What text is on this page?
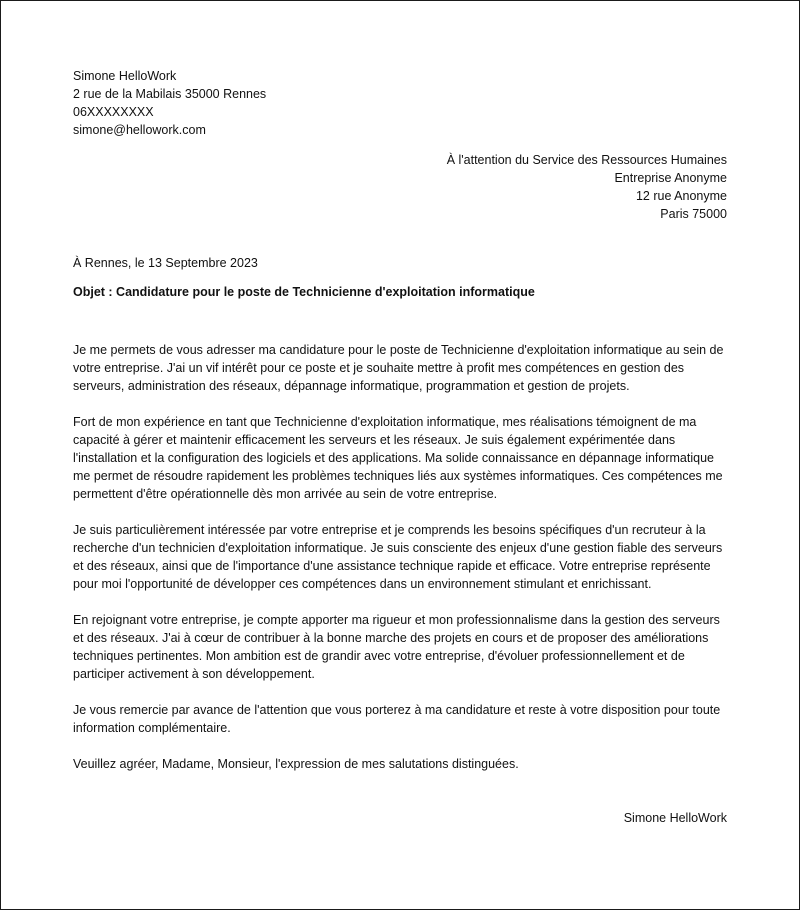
Simone HelloWork
2 rue de la Mabilais 35000 Rennes
06XXXXXXXX
simone@hellowork.com
À l'attention du Service des Ressources Humaines
Entreprise Anonyme
12 rue Anonyme
Paris 75000
À Rennes, le 13 Septembre 2023
Objet : Candidature pour le poste de Technicienne d'exploitation informatique

Je me permets de vous adresser ma candidature pour le poste de Technicienne d'exploitation informatique au sein de votre entreprise. J'ai un vif intérêt pour ce poste et je souhaite mettre à profit mes compétences en gestion des serveurs, administration des réseaux, dépannage informatique, programmation et gestion de projets.

Fort de mon expérience en tant que Technicienne d'exploitation informatique, mes réalisations témoignent de ma capacité à gérer et maintenir efficacement les serveurs et les réseaux. Je suis également expérimentée dans l'installation et la configuration des logiciels et des applications. Ma solide connaissance en dépannage informatique me permet de résoudre rapidement les problèmes techniques liés aux systèmes informatiques. Ces compétences me permettent d'être opérationnelle dès mon arrivée au sein de votre entreprise.

Je suis particulièrement intéressée par votre entreprise et je comprends les besoins spécifiques d'un recruteur à la recherche d'un technicien d'exploitation informatique. Je suis consciente des enjeux d'une gestion fiable des serveurs et des réseaux, ainsi que de l'importance d'une assistance technique rapide et efficace. Votre entreprise représente pour moi l'opportunité de développer ces compétences dans un environnement stimulant et enrichissant.

En rejoignant votre entreprise, je compte apporter ma rigueur et mon professionnalisme dans la gestion des serveurs et des réseaux. J'ai à cœur de contribuer à la bonne marche des projets en cours et de proposer des améliorations techniques pertinentes. Mon ambition est de grandir avec votre entreprise, d'évoluer professionnellement et de participer activement à son développement.

Je vous remercie par avance de l'attention que vous porterez à ma candidature et reste à votre disposition pour toute information complémentaire.

Veuillez agréer, Madame, Monsieur, l'expression de mes salutations distinguées.

Simone HelloWork
